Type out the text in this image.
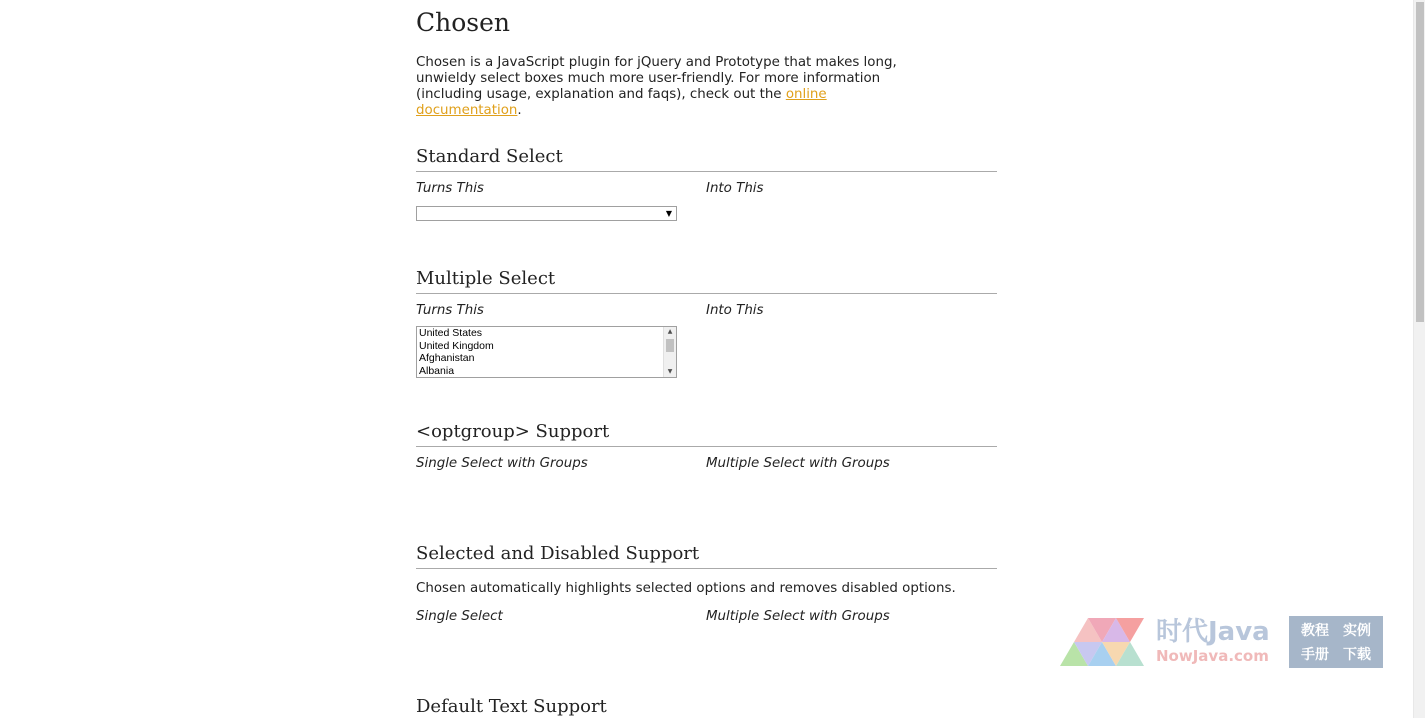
Chosen

Chosen is a JavaScript plugin for jQuery and Prototype that makes long, unwieldy select boxes much more user-friendly. For more information (including usage, explanation and faqs), check out the online documentation.

Standard Select
Turns This	Into This
▼
Multiple Select
Turns This	Into This
United States
United Kingdom
Afghanistan
Albania
▲
▼
<optgroup> Support
Single Select with Groups	Multiple Select with Groups
Selected and Disabled Support

Chosen automatically highlights selected options and removes disabled options.

Single Select	Multiple Select with Groups
Default Text Support
时代Java
NowJava.com
教程 实例
手册 下载
